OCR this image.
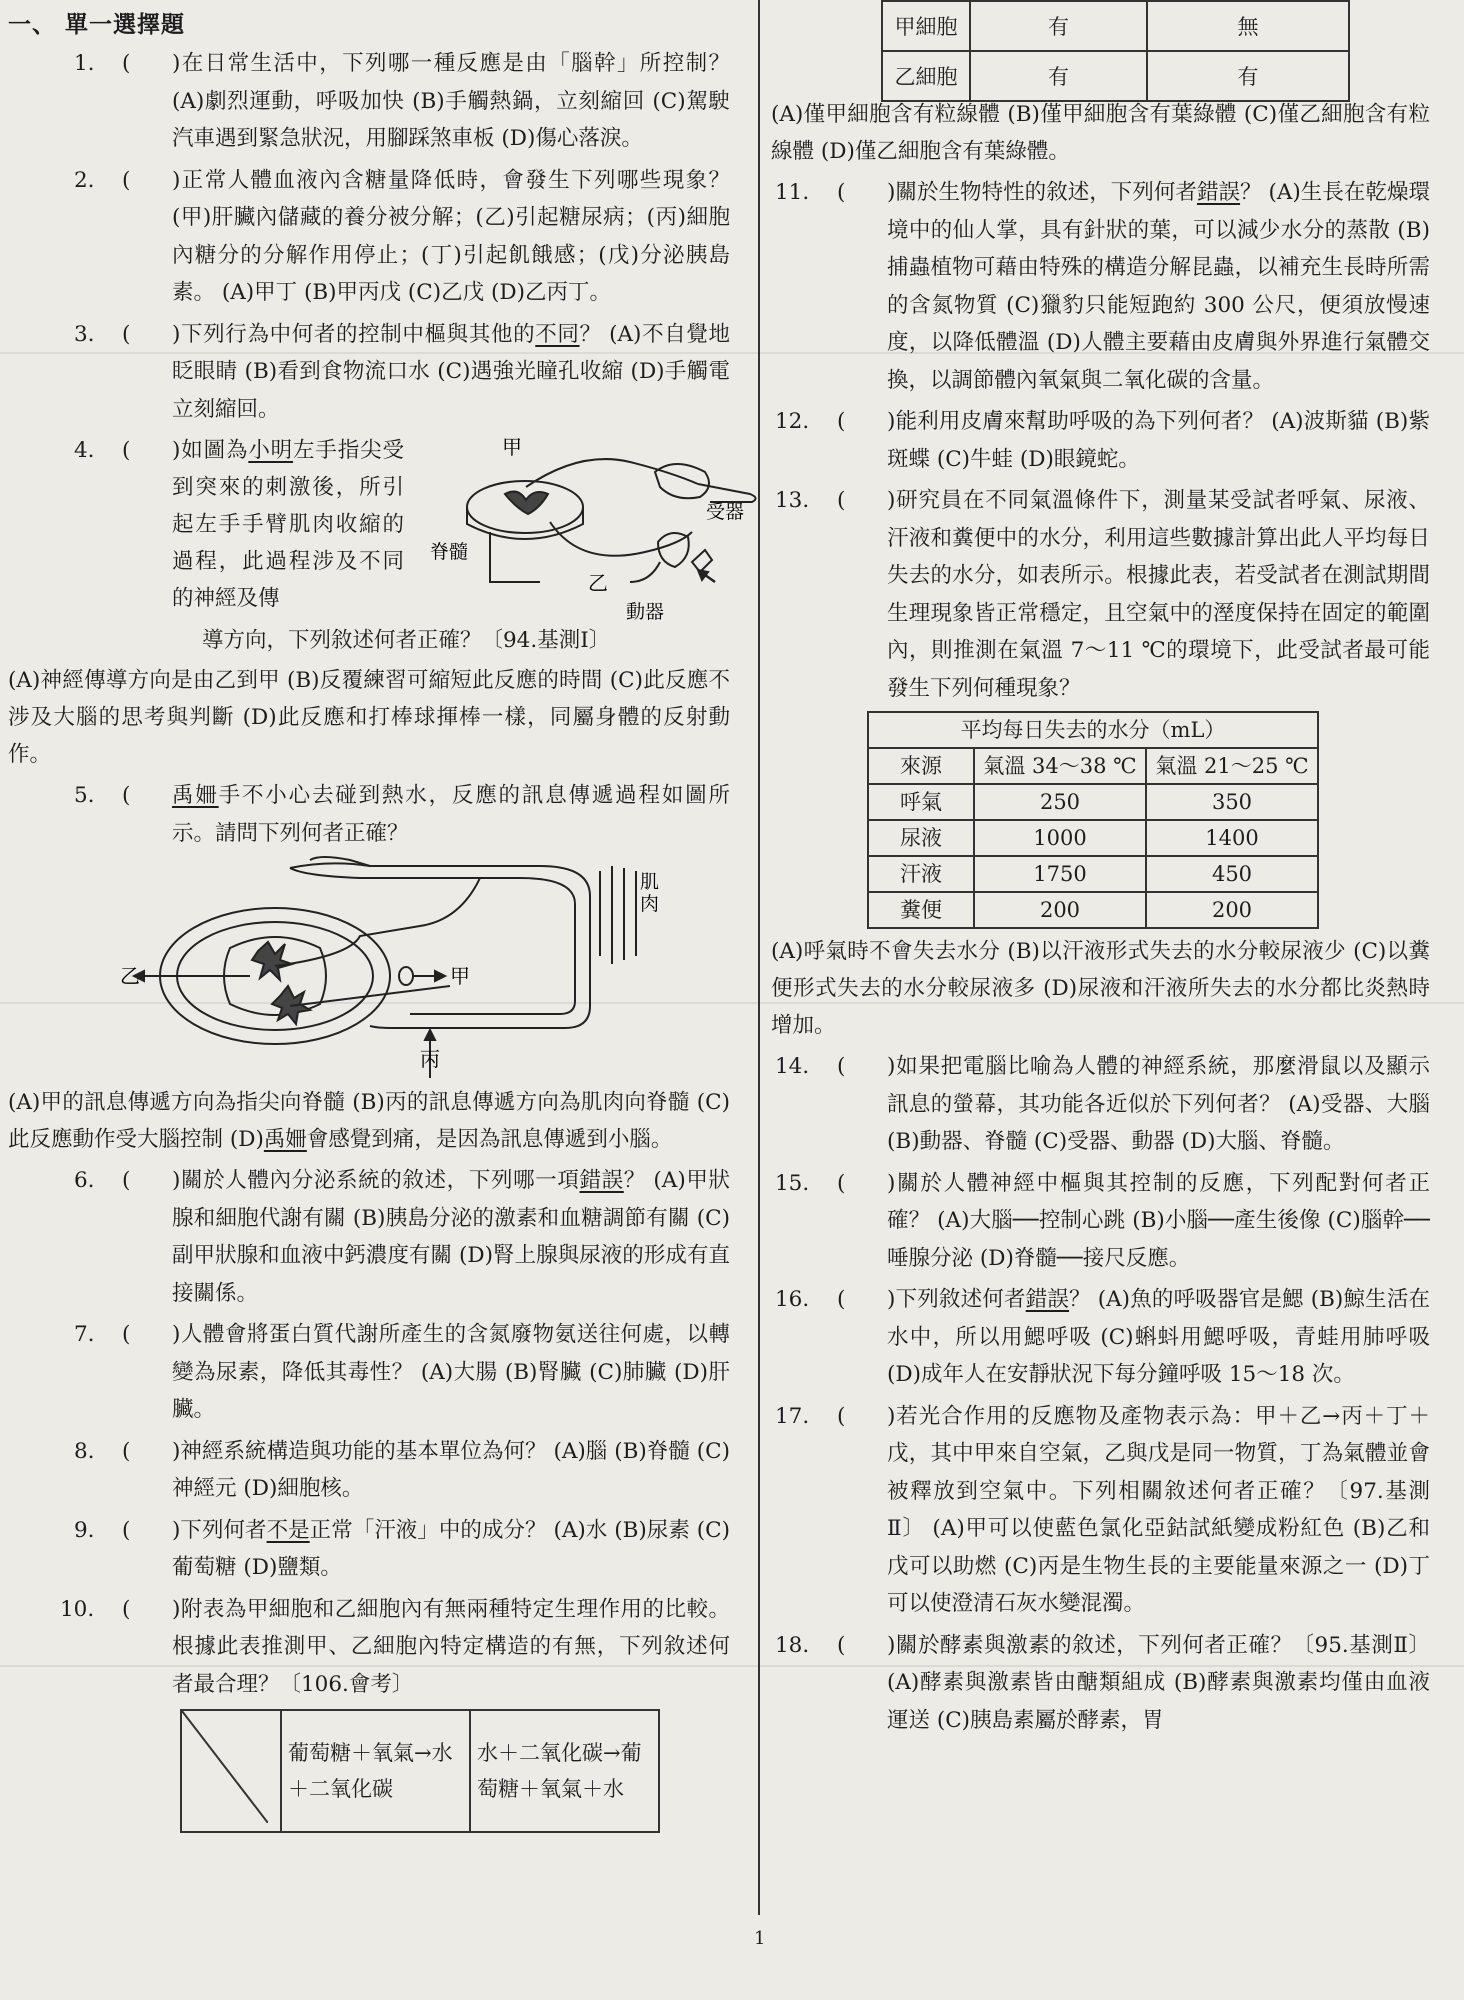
一、 單一選擇題
1. ( )在日常生活中，下列哪一種反應是由「腦幹」所控制？ (A)劇烈運動，呼吸加快 (B)手觸熱鍋，立刻縮回 (C)駕駛汽車遇到緊急狀況，用腳踩煞車板 (D)傷心落淚。
2. ( )正常人體血液內含糖量降低時，會發生下列哪些現象？(甲)肝臟內儲藏的養分被分解；(乙)引起糖尿病；(丙)細胞內糖分的分解作用停止；(丁)引起飢餓感；(戊)分泌胰島素。 (A)甲丁 (B)甲丙戊 (C)乙戊 (D)乙丙丁。
3. ( )下列行為中何者的控制中樞與其他的不同？ (A)不自覺地眨眼睛 (B)看到食物流口水 (C)遇強光瞳孔收縮 (D)手觸電立刻縮回。
4. ( )如圖為小明左手指尖受到突來的刺激後，所引起左手手臂肌肉收縮的過程，此過程涉及不同的神經及傳
甲
受器
脊髓
乙
動器
導方向，下列敘述何者正確？〔94.基測Ⅰ〕
(A)神經傳導方向是由乙到甲 (B)反覆練習可縮短此反應的時間 (C)此反應不涉及大腦的思考與判斷 (D)此反應和打棒球揮棒一樣，同屬身體的反射動作。
5. ( 禹姍手不小心去碰到熱水，反應的訊息傳遞過程如圖所示。請問下列何者正確？
肌
肉
乙	甲
丙
(A)甲的訊息傳遞方向為指尖向脊髓 (B)丙的訊息傳遞方向為肌肉向脊髓 (C)此反應動作受大腦控制 (D)禹姍會感覺到痛，是因為訊息傳遞到小腦。
6. ( )關於人體內分泌系統的敘述，下列哪一項錯誤？ (A)甲狀腺和細胞代謝有關 (B)胰島分泌的激素和血糖調節有關 (C)副甲狀腺和血液中鈣濃度有關 (D)腎上腺與尿液的形成有直接關係。
7. ( )人體會將蛋白質代謝所產生的含氮廢物氨送往何處，以轉變為尿素，降低其毒性？ (A)大腸 (B)腎臟 (C)肺臟 (D)肝臟。
8. ( )神經系統構造與功能的基本單位為何？ (A)腦 (B)脊髓 (C)神經元 (D)細胞核。
9. ( )下列何者不是正常「汗液」中的成分？ (A)水 (B)尿素 (C)葡萄糖 (D)鹽類。
10. ( )附表為甲細胞和乙細胞內有無兩種特定生理作用的比較。根據此表推測甲、乙細胞內特定構造的有無，下列敘述何者最合理？〔106.會考〕
	葡萄糖＋氧氣→水＋二氧化碳	水＋二氧化碳→葡萄糖＋氧氣＋水
甲細胞	有	無
乙細胞	有	有
(A)僅甲細胞含有粒線體 (B)僅甲細胞含有葉綠體 (C)僅乙細胞含有粒線體 (D)僅乙細胞含有葉綠體。
11. ( )關於生物特性的敘述，下列何者錯誤？ (A)生長在乾燥環境中的仙人掌，具有針狀的葉，可以減少水分的蒸散 (B)捕蟲植物可藉由特殊的構造分解昆蟲，以補充生長時所需的含氮物質 (C)獵豹只能短跑約 300 公尺，便須放慢速度，以降低體溫 (D)人體主要藉由皮膚與外界進行氣體交換，以調節體內氧氣與二氧化碳的含量。
12. ( )能利用皮膚來幫助呼吸的為下列何者？ (A)波斯貓 (B)紫斑蝶 (C)牛蛙 (D)眼鏡蛇。
13. ( )研究員在不同氣溫條件下，測量某受試者呼氣、尿液、汗液和糞便中的水分，利用這些數據計算出此人平均每日失去的水分，如表所示。根據此表，若受試者在測試期間生理現象皆正常穩定，且空氣中的溼度保持在固定的範圍內，則推測在氣溫 7～11 ℃的環境下，此受試者最可能發生下列何種現象？
平均每日失去的水分（mL）		
來源	氣溫 34～38 ℃	氣溫 21～25 ℃
呼氣	250	350
尿液	1000	1400
汗液	1750	450
糞便	200	200
(A)呼氣時不會失去水分 (B)以汗液形式失去的水分較尿液少 (C)以糞便形式失去的水分較尿液多 (D)尿液和汗液所失去的水分都比炎熱時增加。
14. ( )如果把電腦比喻為人體的神經系統，那麼滑鼠以及顯示訊息的螢幕，其功能各近似於下列何者？ (A)受器、大腦 (B)動器、脊髓 (C)受器、動器 (D)大腦、脊髓。
15. ( )關於人體神經中樞與其控制的反應，下列配對何者正確？ (A)大腦──控制心跳 (B)小腦──產生後像 (C)腦幹──唾腺分泌 (D)脊髓──接尺反應。
16. ( )下列敘述何者錯誤？ (A)魚的呼吸器官是鰓 (B)鯨生活在水中，所以用鰓呼吸 (C)蝌蚪用鰓呼吸，青蛙用肺呼吸 (D)成年人在安靜狀況下每分鐘呼吸 15～18 次。
17. ( )若光合作用的反應物及產物表示為：甲＋乙→丙＋丁＋戊，其中甲來自空氣，乙與戊是同一物質，丁為氣體並會被釋放到空氣中。下列相關敘述何者正確？〔97.基測Ⅱ〕 (A)甲可以使藍色氯化亞鈷試紙變成粉紅色 (B)乙和戊可以助燃 (C)丙是生物生長的主要能量來源之一 (D)丁可以使澄清石灰水變混濁。
18. ( )關於酵素與激素的敘述，下列何者正確？〔95.基測Ⅱ〕 (A)酵素與激素皆由醣類組成 (B)酵素與激素均僅由血液運送 (C)胰島素屬於酵素，胃
1
